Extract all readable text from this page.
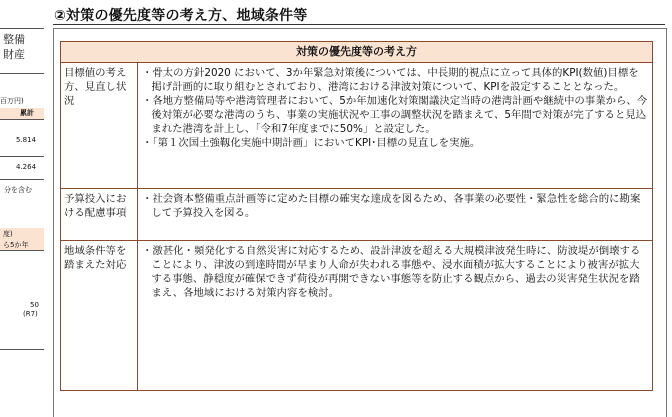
整備
財産
百万円)
累計
5.814
4.264
分を含む
度)
ら5か年
50
(R7)
②対策の優先度等の考え方、地域条件等
対策の優先度等の考え方	
目標値の考え方、見直し状況	・骨太の方針2020 において、3か年緊急対策後については、中長期的視点に立って具体的KPI(数値)目標を掲げ計画的に取り組むとされており、港湾における津波対策について、KPIを設定することとなった。

・各地方整備局等や港湾管理者において、5か年加速化対策閣議決定当時の港湾計画や継続中の事業から、今後対策が必要な港湾のうち、事業の実施状況や工事の調整状況を踏まえて、5年間で対策が完了すると見込まれた港湾を計上し、「令和7年度までに50%」と設定した。

・「第１次国土強靱化実施中期計画」においてKPI･目標の見直しを実施。

予算投入における配慮事項	・社会資本整備重点計画等に定めた目標の確実な達成を図るため、各事業の必要性・緊急性を総合的に勘案して予算投入を図る。

地域条件等を踏まえた対応	・激甚化・頻発化する自然災害に対応するため、設計津波を超える大規模津波発生時に、防波堤が倒壊することにより、津波の到達時間が早まり人命が失われる事態や、浸水面積が拡大することにより被害が拡大する事態、静穏度が確保できず荷役が再開できない事態等を防止する観点から、過去の災害発生状況を踏まえ、各地域における対策内容を検討。
